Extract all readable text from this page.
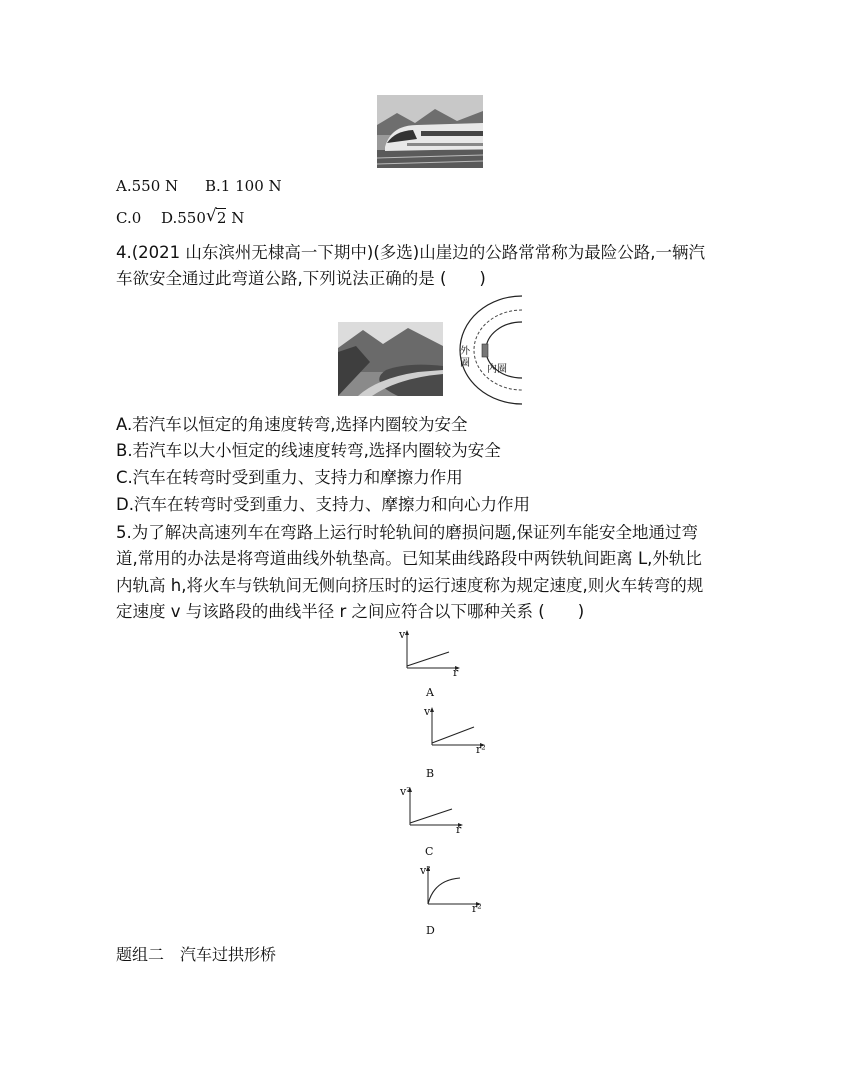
A.550 N B.1 100 N
C.0 D.550 √ 2 N
4.(2021 山东滨州无棣高一下期中)(多选)山崖边的公路常常称为最险公路,一辆汽
车欲安全通过此弯道公路,下列说法正确的是 (　　)
外圈
内圈
A.若汽车以恒定的角速度转弯,选择内圈较为安全
B.若汽车以大小恒定的线速度转弯,选择内圈较为安全
C.汽车在转弯时受到重力、支持力和摩擦力作用
D.汽车在转弯时受到重力、支持力、摩擦力和向心力作用
5.为了解决高速列车在弯路上运行时轮轨间的磨损问题,保证列车能安全地通过弯
道,常用的办法是将弯道曲线外轨垫高。已知某曲线路段中两铁轨间距离 L,外轨比
内轨高 h,将火车与铁轨间无侧向挤压时的运行速度称为规定速度,则火车转弯的规
定速度 v 与该路段的曲线半径 r 之间应符合以下哪种关系 (　　)
v
r
A
v
r²
B
v²
r
C
v²
r²
D
题组二　汽车过拱形桥
